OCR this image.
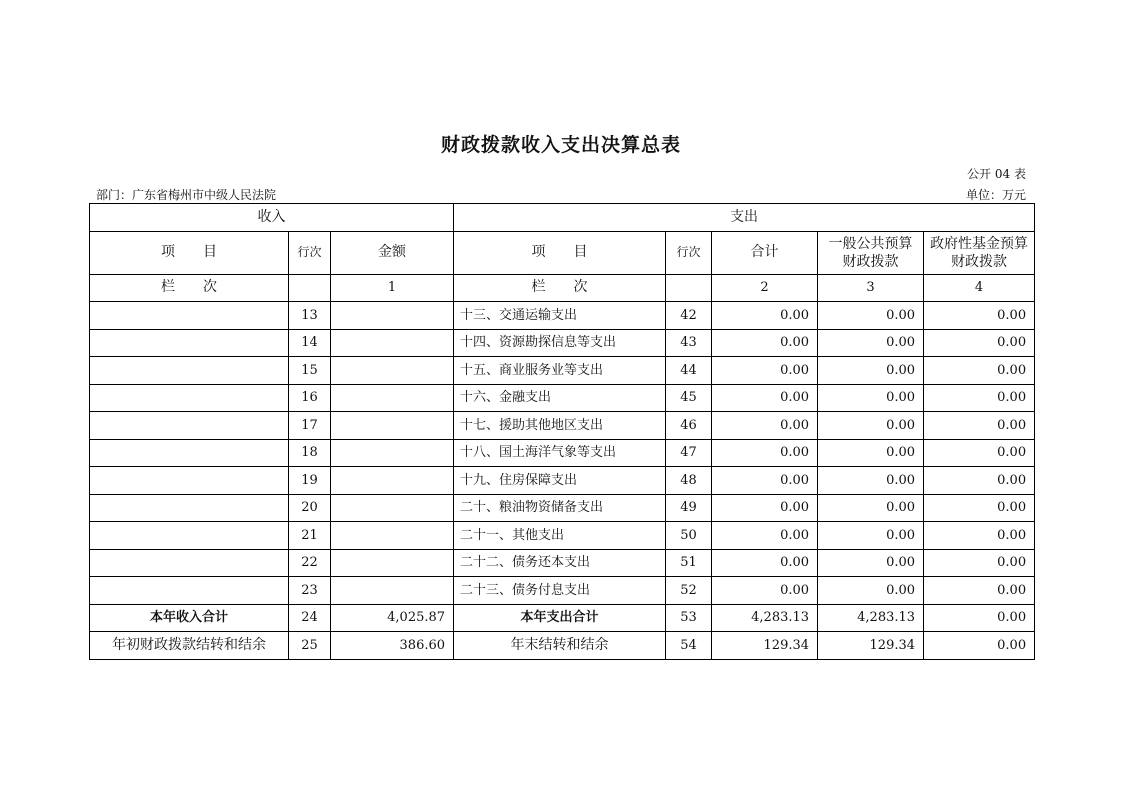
财政拨款收入支出决算总表
公开 04 表
部门：广东省梅州市中级人民法院	单位：万元
收入			支出				
项　　目	行次	金额	项　　目	行次	合计	一般公共预算财政拨款	政府性基金预算财政拨款
栏　　次		1	栏　　次		2	3	4
	13		十三、交通运输支出	42	0.00	0.00	0.00
	14		十四、资源勘探信息等支出	43	0.00	0.00	0.00
	15		十五、商业服务业等支出	44	0.00	0.00	0.00
	16		十六、金融支出	45	0.00	0.00	0.00
	17		十七、援助其他地区支出	46	0.00	0.00	0.00
	18		十八、国土海洋气象等支出	47	0.00	0.00	0.00
	19		十九、住房保障支出	48	0.00	0.00	0.00
	20		二十、粮油物资储备支出	49	0.00	0.00	0.00
	21		二十一、其他支出	50	0.00	0.00	0.00
	22		二十二、债务还本支出	51	0.00	0.00	0.00
	23		二十三、债务付息支出	52	0.00	0.00	0.00
本年收入合计	24	4,025.87	本年支出合计	53	4,283.13	4,283.13	0.00
年初财政拨款结转和结余	25	386.60	年末结转和结余	54	129.34	129.34	0.00
